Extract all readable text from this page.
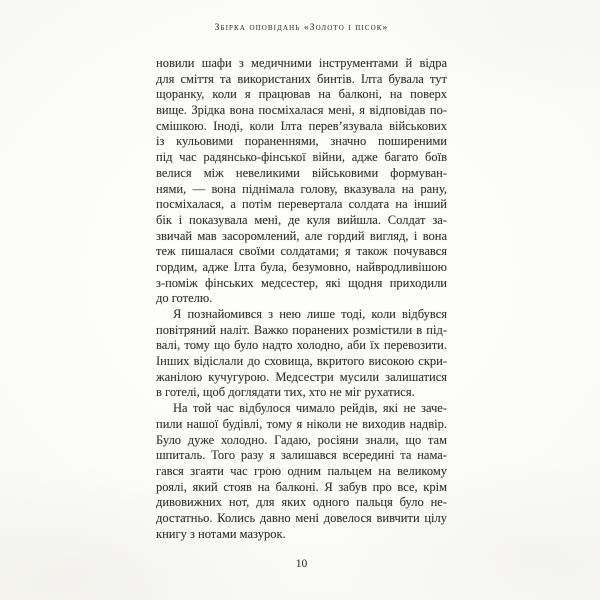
Збірка оповідань «Золото і пісок»
новили шафи з медичними інструментами й відра
для сміття та використаних бинтів. Ілта бувала тут
щоранку, коли я працював на балконі, на поверх
вище. Зрідка вона посміхалася мені, я відповідав по-
смішкою. Іноді, коли Ілта перев’язувала військових
із кульовими пораненнями, значно поширеними
під час радянсько-фінської війни, адже багато боїв
велися між невеликими військовими формуван-
нями, — вона піднімала голову, вказувала на рану,
посміхалася, а потім перевертала солдата на інший
бік і показувала мені, де куля вийшла. Солдат за-
звичай мав засоромлений, але гордий вигляд, і вона
теж пишалася своїми солдатами; я також почувався
гордим, адже Ілта була, безумовно, найвродливішою
з-поміж фінських медсестер, які щодня приходили
до готелю.
Я познайомився з нею лише тоді, коли відбувся
повітряний наліт. Важко поранених розмістили в під-
валі, тому що було надто холодно, аби їх перевозити.
Інших відіслали до сховища, вкритого високою скри-
жанілою кучугурою. Медсестри мусили залишатися
в готелі, щоб доглядати тих, хто не міг рухатися.
На той час відбулося чимало рейдів, які не заче-
пили нашої будівлі, тому я ніколи не виходив надвір.
Було дуже холодно. Гадаю, росіяни знали, що там
шпиталь. Того разу я залишався всередині та нама-
гався згаяти час грою одним пальцем на великому
роялі, який стояв на балконі. Я забув про все, крім
дивовижних нот, для яких одного пальця було не-
достатньо. Колись давно мені довелося вивчити цілу
книгу з нотами мазурок.
10
